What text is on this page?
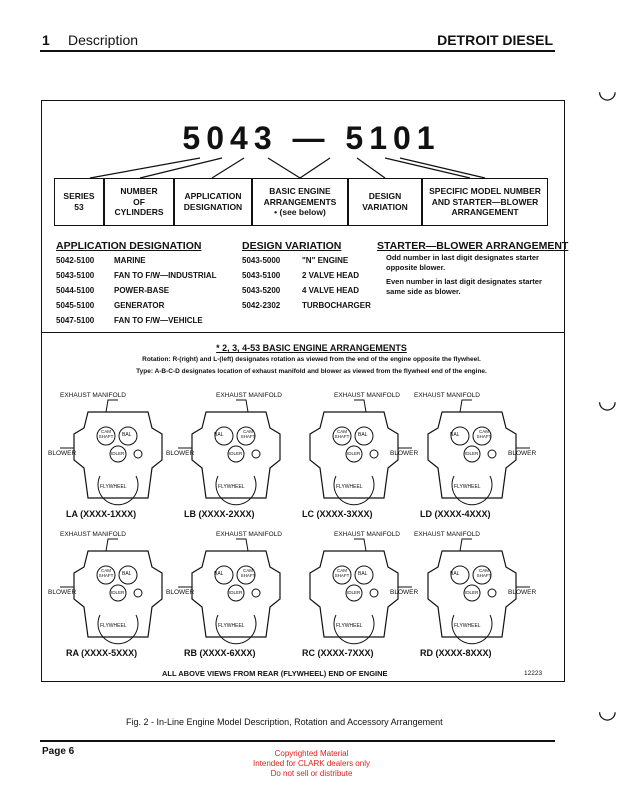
1 Description	DETROIT DIESEL
◡
◡
◡
5043 — 5101
SERIES
53
NUMBER
OF
CYLINDERS
APPLICATION
DESIGNATION
BASIC ENGINE
ARRANGEMENTS
• (see below)
DESIGN
VARIATION
SPECIFIC MODEL NUMBER
AND STARTER—BLOWER
ARRANGEMENT
APPLICATION DESIGNATION
5042-5100 MARINE
5043-5100 FAN TO F/W—INDUSTRIAL
5044-5100 POWER-BASE
5045-5100 GENERATOR
5047-5100 FAN TO F/W—VEHICLE
DESIGN VARIATION
5043-5000	"N" ENGINE
5043-5100	2 VALVE HEAD
5043-5200	4 VALVE HEAD
5042-2302	TURBOCHARGER
STARTER—BLOWER ARRANGEMENT
Odd number in last digit designates starter opposite blower.
Even number in last digit designates starter same side as blower.
* 2, 3, 4-53 BASIC ENGINE ARRANGEMENTS
Rotation: R-(right) and L-(left) designates rotation as viewed from the end of the engine opposite the flywheel.
Type: A-B-C-D designates location of exhaust manifold and blower as viewed from the flywheel end of the engine.
EXHAUST MANIFOLD
BLOWER
BAL
CAM SHAFT
IDLER
FLYWHEEL
LA (XXXX-1XXX)
EXHAUST MANIFOLD
BLOWER
BAL
CAM SHAFT
IDLER
FLYWHEEL
LB (XXXX-2XXX)
EXHAUST MANIFOLD
BLOWER
BAL
CAM SHAFT
IDLER
FLYWHEEL
LC (XXXX-3XXX)
EXHAUST MANIFOLD
BLOWER
BAL
CAM SHAFT
IDLER
FLYWHEEL
LD (XXXX-4XXX)
EXHAUST MANIFOLD
BLOWER
BAL
CAM SHAFT
IDLER
FLYWHEEL
RA (XXXX-5XXX)
EXHAUST MANIFOLD
BLOWER
BAL
CAM SHAFT
IDLER
FLYWHEEL
RB (XXXX-6XXX)
EXHAUST MANIFOLD
BLOWER
BAL
CAM SHAFT
IDLER
FLYWHEEL
RC (XXXX-7XXX)
EXHAUST MANIFOLD
BLOWER
BAL
CAM SHAFT
IDLER
FLYWHEEL
RD (XXXX-8XXX)
ALL ABOVE VIEWS FROM REAR (FLYWHEEL) END OF ENGINE	12223
Fig. 2 - In-Line Engine Model Description, Rotation and Accessory Arrangement
Page 6	Copyrighted Material
Intended for CLARK dealers only
Do not sell or distribute
